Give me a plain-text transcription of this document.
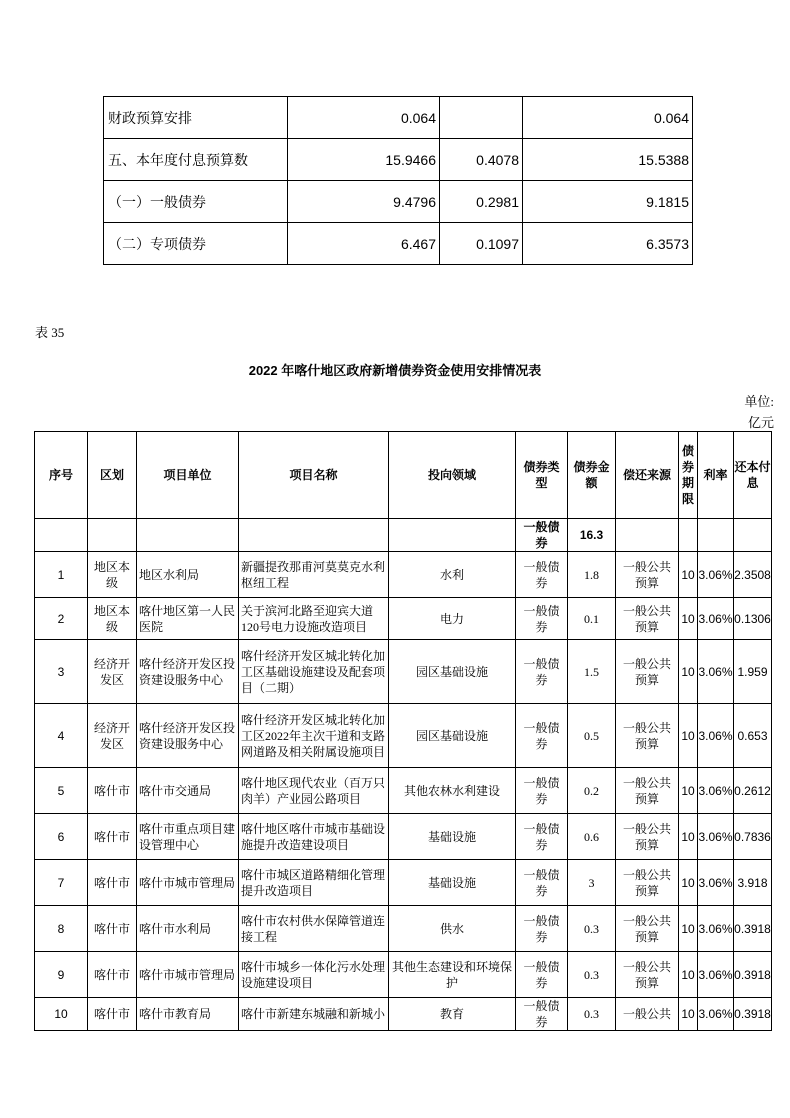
财政预算安排	0.064		0.064
五、本年度付息预算数	15.9466	0.4078	15.5388
（一）一般债券	9.4796	0.2981	9.1815
（二）专项债券	6.467	0.1097	6.3573
表 35
2022 年喀什地区政府新增债券资金使用安排情况表
单位:
亿元
序号	区划	项目单位	项目名称	投向领域	债券类型	债券金额	偿还来源	债券期限	利率	还本付息
					一般债券	16.3				
1	地区本级	地区水利局	新疆提孜那甫河莫莫克水利枢纽工程	水利	一般债券	1.8	一般公共预算	10	3.06%	2.3508
2	地区本级	喀什地区第一人民医院	关于滨河北路至迎宾大道120号电力设施改造项目	电力	一般债券	0.1	一般公共预算	10	3.06%	0.1306
3	经济开发区	喀什经济开发区投资建设服务中心	喀什经济开发区城北转化加工区基础设施建设及配套项目（二期）	园区基础设施	一般债券	1.5	一般公共预算	10	3.06%	1.959
4	经济开发区	喀什经济开发区投资建设服务中心	喀什经济开发区城北转化加工区2022年主次干道和支路网道路及相关附属设施项目	园区基础设施	一般债券	0.5	一般公共预算	10	3.06%	0.653
5	喀什市	喀什市交通局	喀什地区现代农业（百万只肉羊）产业园公路项目	其他农林水利建设	一般债券	0.2	一般公共预算	10	3.06%	0.2612
6	喀什市	喀什市重点项目建设管理中心	喀什地区喀什市城市基础设施提升改造建设项目	基础设施	一般债券	0.6	一般公共预算	10	3.06%	0.7836
7	喀什市	喀什市城市管理局	喀什市城区道路精细化管理提升改造项目	基础设施	一般债券	3	一般公共预算	10	3.06%	3.918
8	喀什市	喀什市水利局	喀什市农村供水保障管道连接工程	供水	一般债券	0.3	一般公共预算	10	3.06%	0.3918
9	喀什市	喀什市城市管理局	喀什市城乡一体化污水处理设施建设项目	其他生态建设和环境保护	一般债券	0.3	一般公共预算	10	3.06%	0.3918
10	喀什市	喀什市教育局	喀什市新建东城融和新城小	教育	一般债券	0.3	一般公共	10	3.06%	0.3918
